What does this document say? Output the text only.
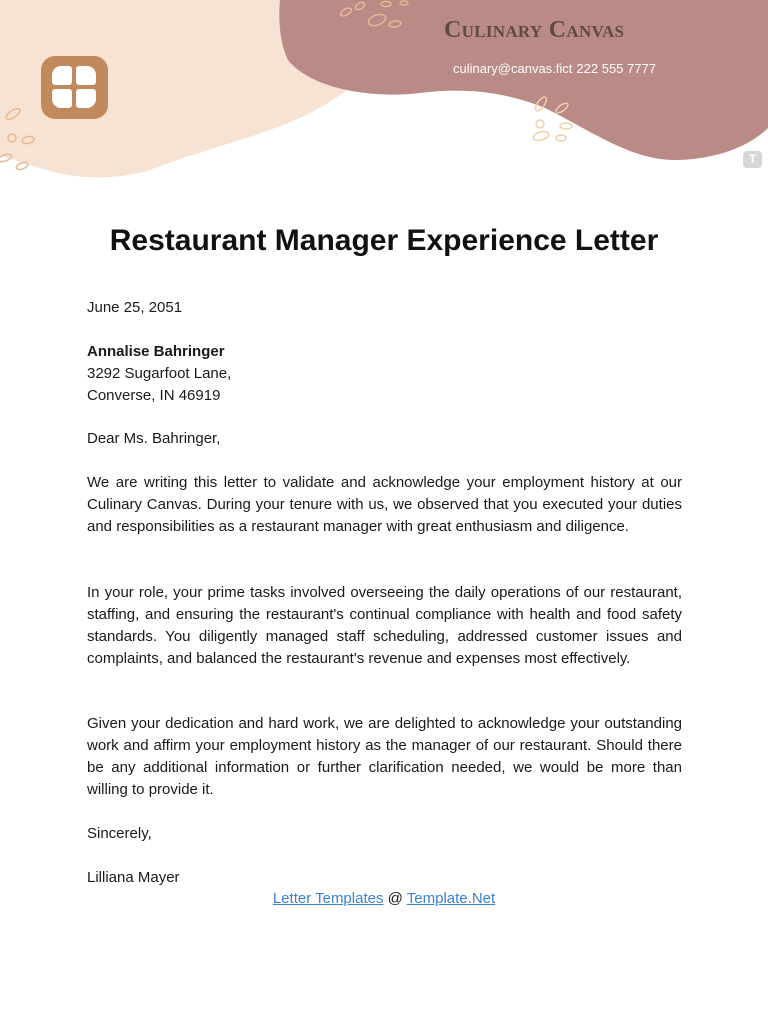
Culinary Canvas
culinary@canvas.fict 222 555 7777
T
Restaurant Manager Experience Letter

June 25, 2051

Annalise Bahringer
3292 Sugarfoot Lane,
Converse, IN 46919

Dear Ms. Bahringer,

We are writing this letter to validate and acknowledge your employment history at our Culinary Canvas. During your tenure with us, we observed that you executed your duties and responsibilities as a restaurant manager with great enthusiasm and diligence.

In your role, your prime tasks involved overseeing the daily operations of our restaurant, staffing, and ensuring the restaurant's continual compliance with health and food safety standards. You diligently managed staff scheduling, addressed customer issues and complaints, and balanced the restaurant's revenue and expenses most effectively.

Given your dedication and hard work, we are delighted to acknowledge your outstanding work and affirm your employment history as the manager of our restaurant. Should there be any additional information or further clarification needed, we would be more than willing to provide it.

Sincerely,

Lilliana Mayer

Letter Templates @ Template.Net
